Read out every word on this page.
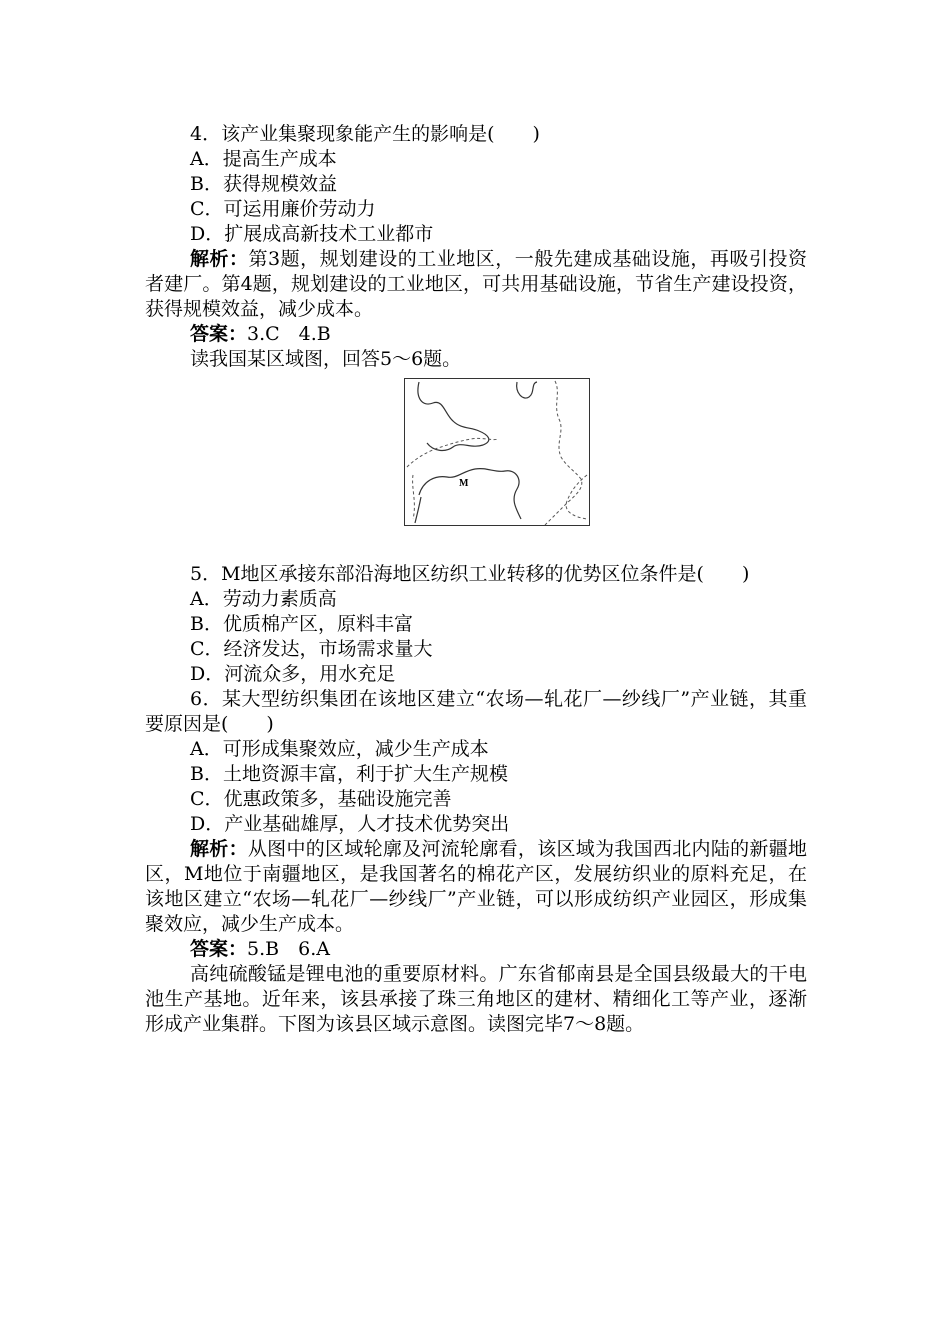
4．该产业集聚现象能产生的影响是(　　)
A．提高生产成本
B．获得规模效益
C．可运用廉价劳动力
D．扩展成高新技术工业都市
解析：第3题，规划建设的工业地区，一般先建成基础设施，再吸引投资者建厂。第4题，规划建设的工业地区，可共用基础设施，节省生产建设投资，获得规模效益，减少成本。
答案：3.C　4.B
读我国某区域图，回答5～6题。
M
5．M地区承接东部沿海地区纺织工业转移的优势区位条件是(　　)
A．劳动力素质高
B．优质棉产区，原料丰富
C．经济发达，市场需求量大
D．河流众多，用水充足
6．某大型纺织集团在该地区建立“农场—轧花厂—纱线厂”产业链，其重要原因是(　　)
A．可形成集聚效应，减少生产成本
B．土地资源丰富，利于扩大生产规模
C．优惠政策多，基础设施完善
D．产业基础雄厚，人才技术优势突出
解析：从图中的区域轮廓及河流轮廓看，该区域为我国西北内陆的新疆地区，M地位于南疆地区，是我国著名的棉花产区，发展纺织业的原料充足，在该地区建立“农场—轧花厂—纱线厂”产业链，可以形成纺织产业园区，形成集聚效应，减少生产成本。
答案：5.B　6.A
高纯硫酸锰是锂电池的重要原材料。广东省郁南县是全国县级最大的干电池生产基地。近年来，该县承接了珠三角地区的建材、精细化工等产业，逐渐形成产业集群。下图为该县区域示意图。读图完毕7～8题。
